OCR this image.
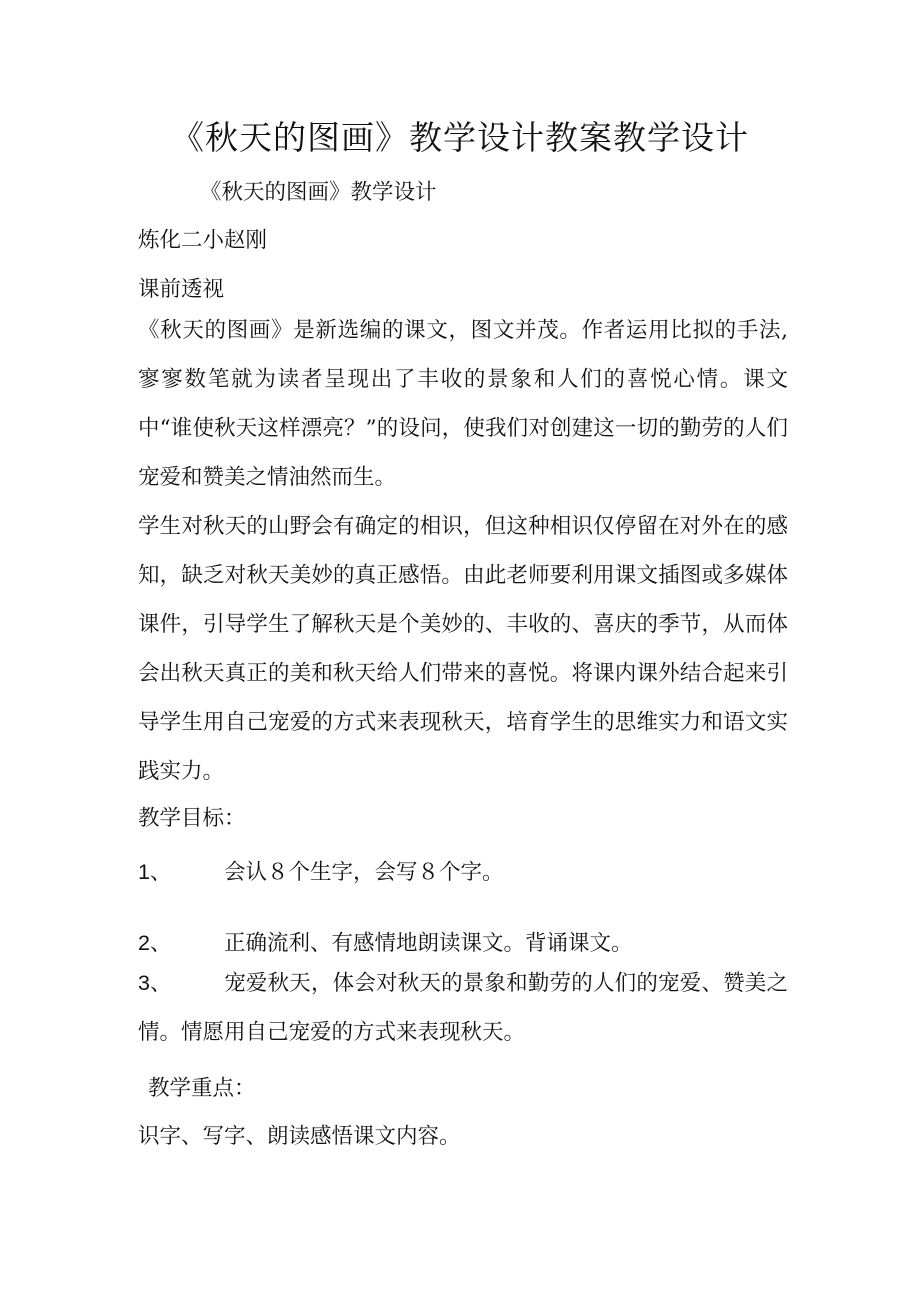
《秋天的图画》教学设计教案教学设计
《秋天的图画》教学设计
炼化二小赵刚
课前透视

《秋天的图画》是新选编的课文，图文并茂。作者运用比拟的手法,寥寥数笔就为读者呈现出了丰收的景象和人们的喜悦心情。课文中“谁使秋天这样漂亮？”的设问，使我们对创建这一切的勤劳的人们宠爱和赞美之情油然而生。

学生对秋天的山野会有确定的相识，但这种相识仅停留在对外在的感知，缺乏对秋天美妙的真正感悟。由此老师要利用课文插图或多媒体课件，引导学生了解秋天是个美妙的、丰收的、喜庆的季节，从而体会出秋天真正的美和秋天给人们带来的喜悦。将课内课外结合起来引导学生用自己宠爱的方式来表现秋天，培育学生的思维实力和语文实践实力。

教学目标：
1、 会认８个生字，会写８个字。
2、 正确流利、有感情地朗读课文。背诵课文。

3、 宠爱秋天，体会对秋天的景象和勤劳的人们的宠爱、赞美之情。情愿用自己宠爱的方式来表现秋天。

教学重点：
识字、写字、朗读感悟课文内容。
